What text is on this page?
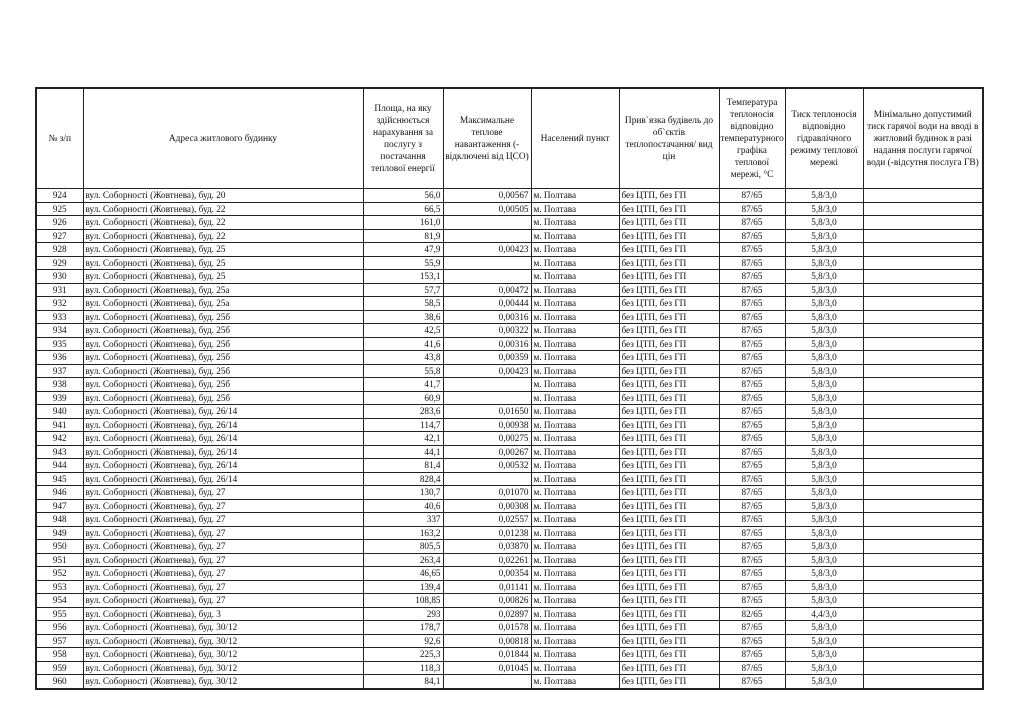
№ з/п	Адреса житлового будинку	Площа, на яку здійснюється нарахування за послугу з постачання теплової енергії	Максимальне теплове навантаження (-відключені від ЦСО)	Населений пункт	Прив`язка будівель до об`єктів теплопостачання/ вид цін	Температура теплоносія відповідно температурного графіка теплової мережі, °С	Тиск теплоносія відповідно гідравлічного режиму теплової мережі	Мінімально допустимий тиск гарячої води на вводі в житловий будинок в разі надання послуги гарячої води (-відсутня послуга ГВ)
924	вул. Соборності (Жовтнева), буд. 20	56,0	0,00567	м. Полтава	без ЦТП, без ГП	87/65	5,8/3,0	
925	вул. Соборності (Жовтнева), буд. 22	66,5	0,00505	м. Полтава	без ЦТП, без ГП	87/65	5,8/3,0	
926	вул. Соборності (Жовтнева), буд. 22	161,0		м. Полтава	без ЦТП, без ГП	87/65	5,8/3,0	
927	вул. Соборності (Жовтнева), буд. 22	81,9		м. Полтава	без ЦТП, без ГП	87/65	5,8/3,0	
928	вул. Соборності (Жовтнева), буд. 25	47,9	0,00423	м. Полтава	без ЦТП, без ГП	87/65	5,8/3,0	
929	вул. Соборності (Жовтнева), буд. 25	55,9		м. Полтава	без ЦТП, без ГП	87/65	5,8/3,0	
930	вул. Соборності (Жовтнева), буд. 25	153,1		м. Полтава	без ЦТП, без ГП	87/65	5,8/3,0	
931	вул. Соборності (Жовтнева), буд. 25а	57,7	0,00472	м. Полтава	без ЦТП, без ГП	87/65	5,8/3,0	
932	вул. Соборності (Жовтнева), буд. 25а	58,5	0,00444	м. Полтава	без ЦТП, без ГП	87/65	5,8/3,0	
933	вул. Соборності (Жовтнева), буд. 25б	38,6	0,00316	м. Полтава	без ЦТП, без ГП	87/65	5,8/3,0	
934	вул. Соборності (Жовтнева), буд. 25б	42,5	0,00322	м. Полтава	без ЦТП, без ГП	87/65	5,8/3,0	
935	вул. Соборності (Жовтнева), буд. 25б	41,6	0,00316	м. Полтава	без ЦТП, без ГП	87/65	5,8/3,0	
936	вул. Соборності (Жовтнева), буд. 25б	43,8	0,00359	м. Полтава	без ЦТП, без ГП	87/65	5,8/3,0	
937	вул. Соборності (Жовтнева), буд. 25б	55,8	0,00423	м. Полтава	без ЦТП, без ГП	87/65	5,8/3,0	
938	вул. Соборності (Жовтнева), буд. 25б	41,7		м. Полтава	без ЦТП, без ГП	87/65	5,8/3,0	
939	вул. Соборності (Жовтнева), буд. 25б	60,9		м. Полтава	без ЦТП, без ГП	87/65	5,8/3,0	
940	вул. Соборності (Жовтнева), буд. 26/14	283,6	0,01650	м. Полтава	без ЦТП, без ГП	87/65	5,8/3,0	
941	вул. Соборності (Жовтнева), буд. 26/14	114,7	0,00938	м. Полтава	без ЦТП, без ГП	87/65	5,8/3,0	
942	вул. Соборності (Жовтнева), буд. 26/14	42,1	0,00275	м. Полтава	без ЦТП, без ГП	87/65	5,8/3,0	
943	вул. Соборності (Жовтнева), буд. 26/14	44,1	0,00267	м. Полтава	без ЦТП, без ГП	87/65	5,8/3,0	
944	вул. Соборності (Жовтнева), буд. 26/14	81,4	0,00532	м. Полтава	без ЦТП, без ГП	87/65	5,8/3,0	
945	вул. Соборності (Жовтнева), буд. 26/14	828,4		м. Полтава	без ЦТП, без ГП	87/65	5,8/3,0	
946	вул. Соборності (Жовтнева), буд. 27	130,7	0,01070	м. Полтава	без ЦТП, без ГП	87/65	5,8/3,0	
947	вул. Соборності (Жовтнева), буд. 27	40,6	0,00308	м. Полтава	без ЦТП, без ГП	87/65	5,8/3,0	
948	вул. Соборності (Жовтнева), буд. 27	337	0,02557	м. Полтава	без ЦТП, без ГП	87/65	5,8/3,0	
949	вул. Соборності (Жовтнева), буд. 27	163,2	0,01238	м. Полтава	без ЦТП, без ГП	87/65	5,8/3,0	
950	вул. Соборності (Жовтнева), буд. 27	805,5	0,03870	м. Полтава	без ЦТП, без ГП	87/65	5,8/3,0	
951	вул. Соборності (Жовтнева), буд. 27	263,4	0,02261	м. Полтава	без ЦТП, без ГП	87/65	5,8/3,0	
952	вул. Соборності (Жовтнева), буд. 27	46,65	0,00354	м. Полтава	без ЦТП, без ГП	87/65	5,8/3,0	
953	вул. Соборності (Жовтнева), буд. 27	139,4	0,01141	м. Полтава	без ЦТП, без ГП	87/65	5,8/3,0	
954	вул. Соборності (Жовтнева), буд. 27	108,85	0,00826	м. Полтава	без ЦТП, без ГП	87/65	5,8/3,0	
955	вул. Соборності (Жовтнева), буд. 3	293	0,02897	м. Полтава	без ЦТП, без ГП	82/65	4,4/3,0	
956	вул. Соборності (Жовтнева), буд. 30/12	178,7	0,01578	м. Полтава	без ЦТП, без ГП	87/65	5,8/3,0	
957	вул. Соборності (Жовтнева), буд. 30/12	92,6	0,00818	м. Полтава	без ЦТП, без ГП	87/65	5,8/3,0	
958	вул. Соборності (Жовтнева), буд. 30/12	225,3	0,01844	м. Полтава	без ЦТП, без ГП	87/65	5,8/3,0	
959	вул. Соборності (Жовтнева), буд. 30/12	118,3	0,01045	м. Полтава	без ЦТП, без ГП	87/65	5,8/3,0	
960	вул. Соборності (Жовтнева), буд. 30/12	84,1		м. Полтава	без ЦТП, без ГП	87/65	5,8/3,0	
